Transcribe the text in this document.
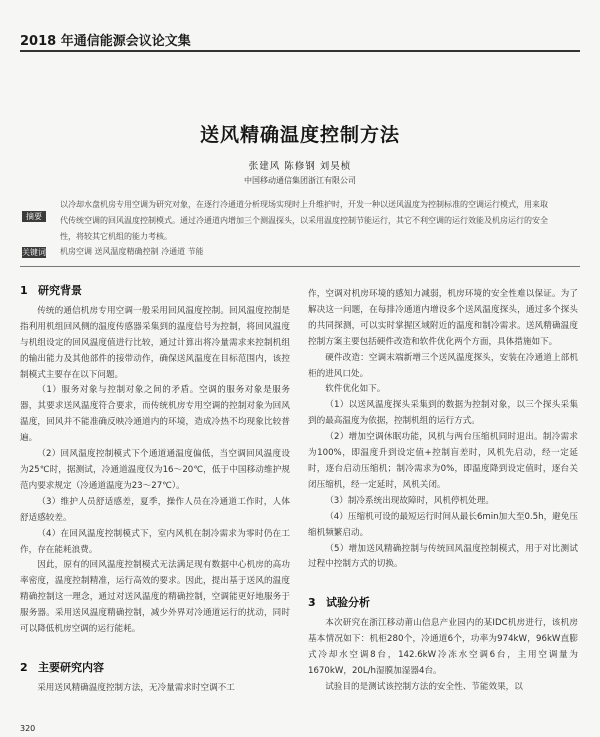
2018 年通信能源会议论文集
送风精确温度控制方法
张建风 陈修钢 刘昊桢
中国移动通信集团浙江有限公司
摘要
以冷却水盘机房专用空调为研究对象，在逐行冷通道分析现场实现时上升维护时，开发一种以送风温度为控制标准的空调运行模式，用来取代传统空调的回风温度控制模式。通过冷通道内增加三个测温探头，以采用温度控制节能运行，其它不利空调的运行效能及机房运行的安全性，将较其它机组的能力考核。
关键词 机房空调 送风温度精确控制 冷通道 节能
1 研究背景

传统的通信机房专用空调一般采用回风温度控制。回风温度控制是指利用机组回风侧的温度传感器采集到的温度信号为控制，将回风温度与机组设定的回风温度值进行比较，通过计算出将冷量需求来控制机组的输出能力及其他部件的接带动作，确保送风温度在目标范围内，该控制模式主要存在以下问题。

（1）服务对象与控制对象之间的矛盾。空调的服务对象是服务器，其要求送风温度符合要求，而传统机房专用空调的控制对象为回风温度，回风并不能准确反映冷通道内的环境，造成冷热不均现象比较普遍。

（2）回风温度控制模式下个通道通温度偏低，当空调回风温度设为25℃时，据测试，冷通道温度仅为16～20℃，低于中国移动维护规范内要求规定（冷通道温度为23～27℃）。

（3）维护人员舒适感差，夏季，操作人员在冷通道工作时，人体舒适感较差。

（4）在回风温度控制模式下，室内风机在制冷需求为零时仍在工作，存在能耗浪费。

因此，原有的回风温度控制模式无法满足现有数据中心机房的高功率密度，温度控制精准，运行高效的要求。因此，提出基于送风的温度精确控制这一理念，通过对送风温度的精确控制，空调能更好地服务于服务器。采用送风温度精确控制，减少外界对冷通道运行的扰动，同时可以降低机房空调的运行能耗。

2 主要研究内容

采用送风精确温度控制方法，无冷量需求时空调不工

作，空调对机房环境的感知力减弱，机房环境的安全性难以保证。为了解决这一问题，在每排冷通道内增设多个送风温度探头，通过多个探头的共同探测，可以实时掌握区域附近的温度和制冷需求。送风精确温度控制方案主要包括硬件改造和软件优化两个方面，具体措施如下。

硬件改造：空调末端新增三个送风温度探头，安装在冷通道上部机柜的进风口处。

软件优化如下。

（1）以送风温度探头采集到的数据为控制对象，以三个探头采集到的最高温度为依据，控制机组的运行方式。

（2）增加空调休眠功能，风机与两台压缩机同时退出。制冷需求为100%，即温度升到设定值+控制盲差时，风机先启动，经一定延时，逐台启动压缩机；制冷需求为0%，即温度降到设定值时，逐台关闭压缩机，经一定延时，风机关闭。

（3）制冷系统出现故障时，风机停机处理。

（4）压缩机可设的最短运行时间从最长6min加大至0.5h，避免压缩机频繁启动。

（5）增加送风精确控制与传统回风温度控制模式，用于对比测试过程中控制方式的切换。

3 试验分析

本次研究在浙江移动莆山信息产业园内的某IDC机房进行，该机房基本情况如下：机柜280个，冷通道6个，功率为974kW，96kW直膨式冷却水空调8台，142.6kW冷冻水空调6台，主用空调量为1670kW，20L/h湿膜加湿器4台。

试验目的是测试该控制方法的安全性、节能效果，以

320
